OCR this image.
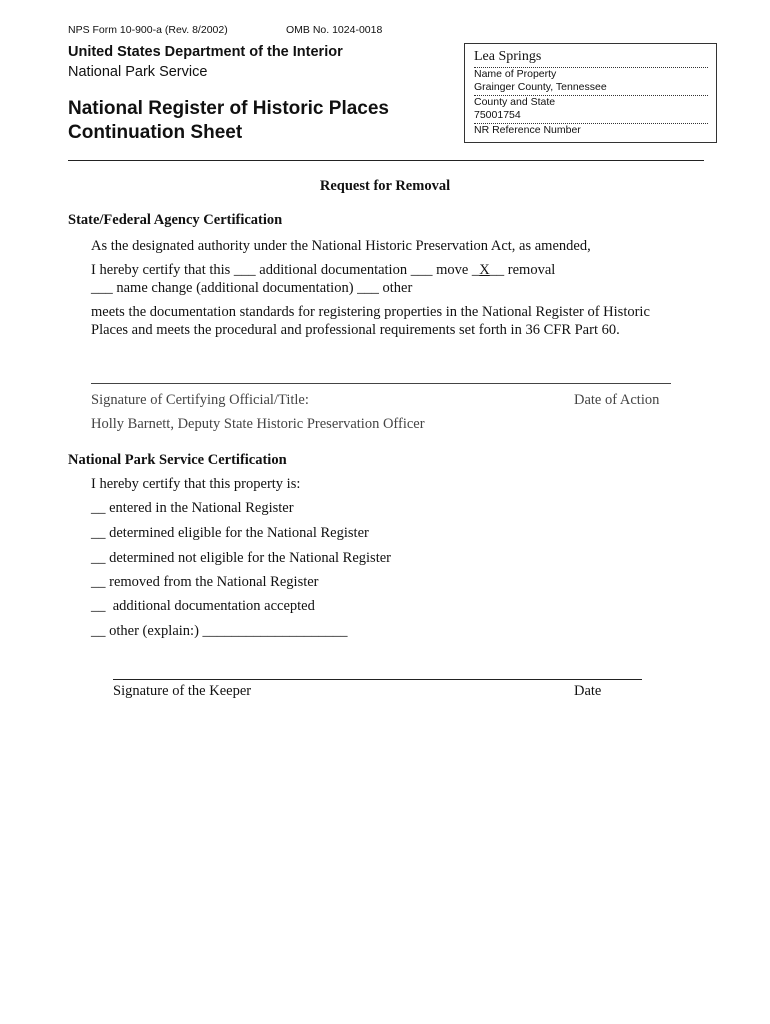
NPS Form 10-900-a (Rev. 8/2002)	OMB No. 1024-0018
United States Department of the Interior
National Park Service
National Register of Historic Places
Continuation Sheet
Lea Springs
Name of Property
Grainger County, Tennessee
County and State
75001754
NR Reference Number
Request for Removal
State/Federal Agency Certification
As the designated authority under the National Historic Preservation Act, as amended,
I hereby certify that this ___ additional documentation ___ move _X__ removal
___ name change (additional documentation) ___ other
meets the documentation standards for registering properties in the National Register of Historic
Places and meets the procedural and professional requirements set forth in 36 CFR Part 60.
Signature of Certifying Official/Title:	Date of Action
Holly Barnett, Deputy State Historic Preservation Officer
National Park Service Certification
I hereby certify that this property is:
__ entered in the National Register
__ determined eligible for the National Register
__ determined not eligible for the National Register
__ removed from the National Register
__ additional documentation accepted
__ other (explain:) ____________________
Signature of the Keeper	Date
